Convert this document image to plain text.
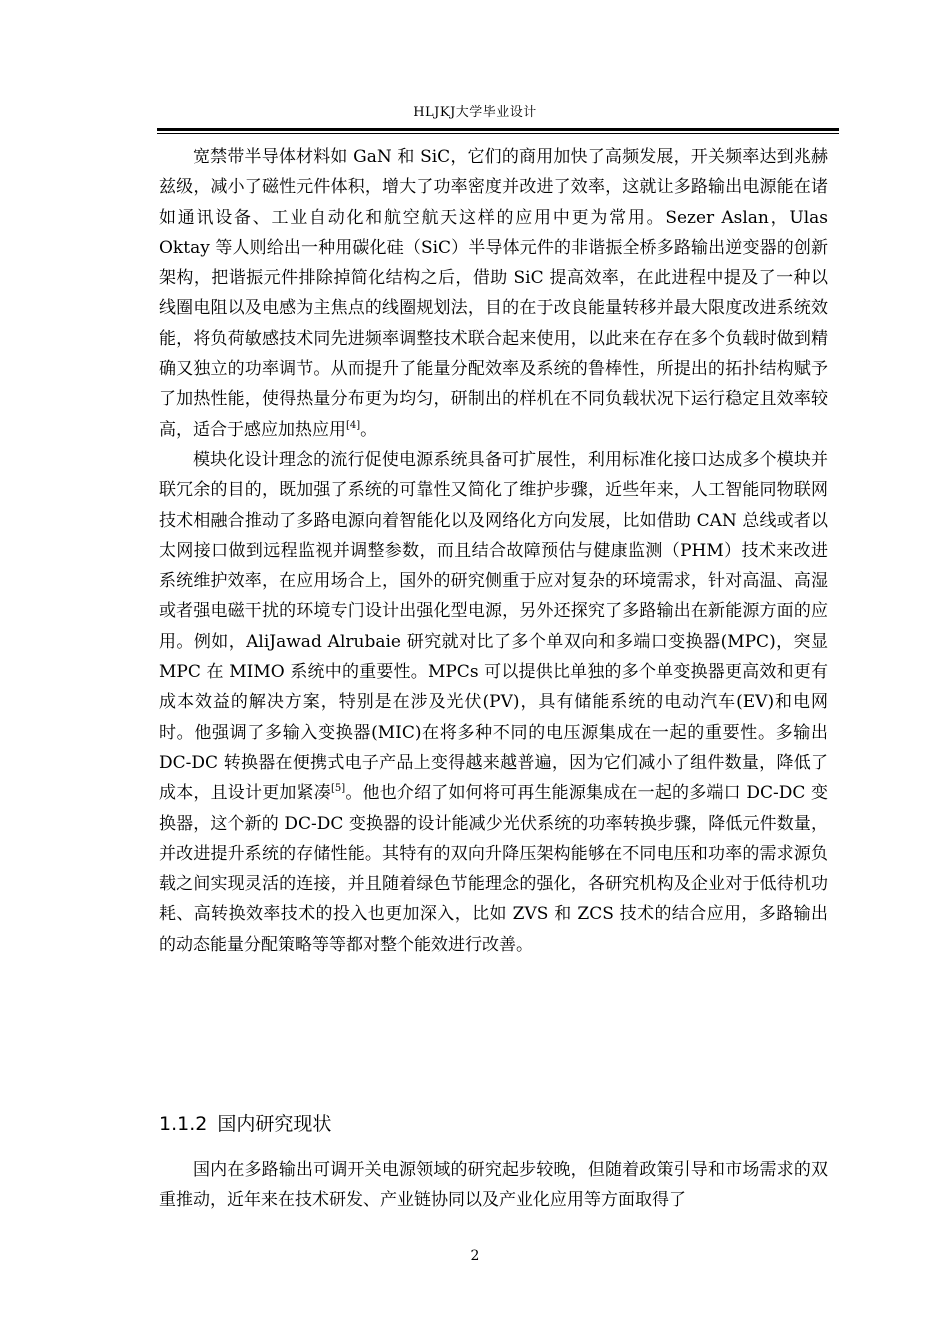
HLJKJ大学毕业设计

宽禁带半导体材料如 GaN 和 SiC，它们的商用加快了高频发展，开关频率达到兆赫兹级，减小了磁性元件体积，增大了功率密度并改进了效率，这就让多路输出电源能在诸如通讯设备、工业自动化和航空航天这样的应用中更为常用。Sezer Aslan，Ulas Oktay 等人则给出一种用碳化硅（SiC）半导体元件的非谐振全桥多路输出逆变器的创新架构，把谐振元件排除掉简化结构之后，借助 SiC 提高效率，在此进程中提及了一种以线圈电阻以及电感为主焦点的线圈规划法，目的在于改良能量转移并最大限度改进系统效能，将负荷敏感技术同先进频率调整技术联合起来使用，以此来在存在多个负载时做到精确又独立的功率调节。从而提升了能量分配效率及系统的鲁棒性，所提出的拓扑结构赋予了加热性能，使得热量分布更为均匀，研制出的样机在不同负载状况下运行稳定且效率较高，适合于感应加热应用[4]。

模块化设计理念的流行促使电源系统具备可扩展性，利用标准化接口达成多个模块并联冗余的目的，既加强了系统的可靠性又简化了维护步骤，近些年来，人工智能同物联网技术相融合推动了多路电源向着智能化以及网络化方向发展，比如借助 CAN 总线或者以太网接口做到远程监视并调整参数，而且结合故障预估与健康监测（PHM）技术来改进系统维护效率，在应用场合上，国外的研究侧重于应对复杂的环境需求，针对高温、高湿或者强电磁干扰的环境专门设计出强化型电源，另外还探究了多路输出在新能源方面的应用。例如，AliJawad Alrubaie 研究就对比了多个单双向和多端口变换器(MPC)，突显 MPC 在 MIMO 系统中的重要性。MPCs 可以提供比单独的多个单变换器更高效和更有成本效益的解决方案，特别是在涉及光伏(PV)，具有储能系统的电动汽车(EV)和电网时。他强调了多输入变换器(MIC)在将多种不同的电压源集成在一起的重要性。多输出 DC-DC 转换器在便携式电子产品上变得越来越普遍，因为它们减小了组件数量，降低了成本，且设计更加紧凑[5]。他也介绍了如何将可再生能源集成在一起的多端口 DC-DC 变换器，这个新的 DC-DC 变换器的设计能减少光伏系统的功率转换步骤，降低元件数量，并改进提升系统的存储性能。其特有的双向升降压架构能够在不同电压和功率的需求源负载之间实现灵活的连接，并且随着绿色节能理念的强化，各研究机构及企业对于低待机功耗、高转换效率技术的投入也更加深入，比如 ZVS 和 ZCS 技术的结合应用，多路输出的动态能量分配策略等等都对整个能效进行改善。

1.1.2 国内研究现状

国内在多路输出可调开关电源领域的研究起步较晚，但随着政策引导和市场需求的双重推动，近年来在技术研发、产业链协同以及产业化应用等方面取得了

2
